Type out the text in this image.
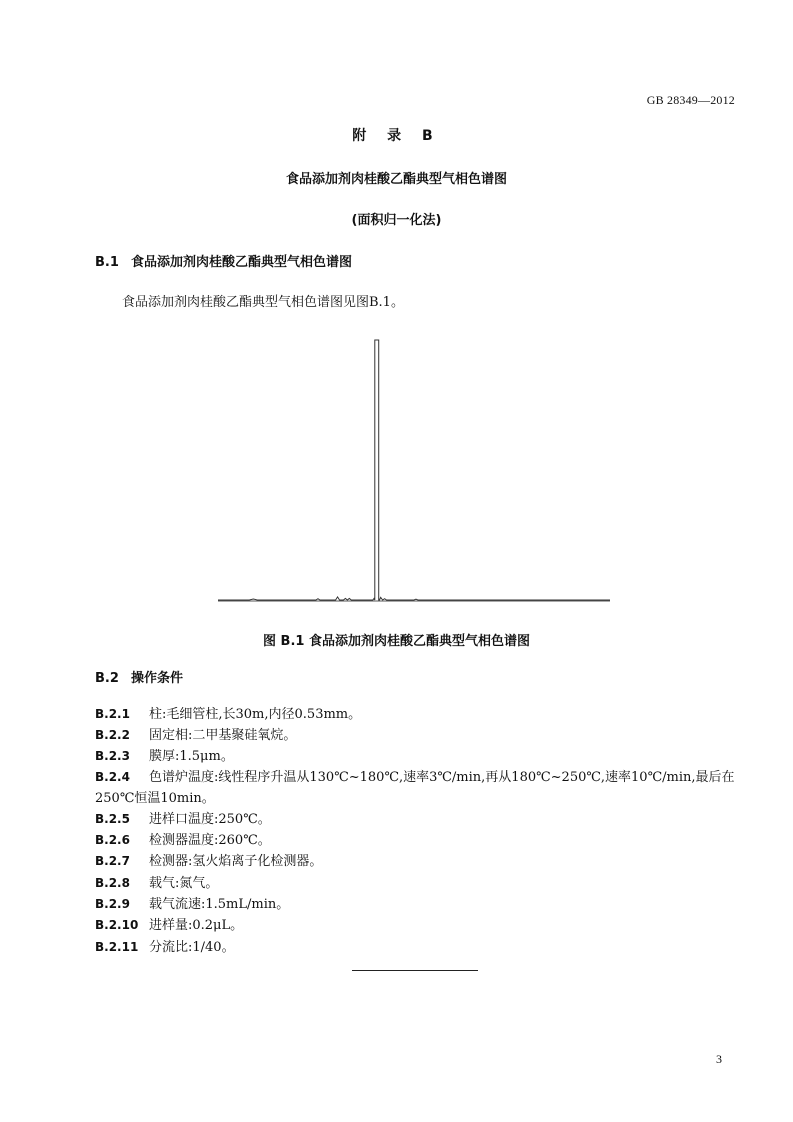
GB 28349—2012
附 录 B
食品添加剂肉桂酸乙酯典型气相色谱图
(面积归一化法)
B.1 食品添加剂肉桂酸乙酯典型气相色谱图
食品添加剂肉桂酸乙酯典型气相色谱图见图B.1。
图 B.1 食品添加剂肉桂酸乙酯典型气相色谱图
B.2 操作条件
B.2.1 柱:毛细管柱,长30m,内径0.53mm。
B.2.2 固定相:二甲基聚硅氧烷。
B.2.3 膜厚:1.5μm。
B.2.4 色谱炉温度:线性程序升温从130℃~180℃,速率3℃/min,再从180℃~250℃,速率10℃/min,最后在250℃恒温10min。
B.2.5 进样口温度:250℃。
B.2.6 检测器温度:260℃。
B.2.7 检测器:氢火焰离子化检测器。
B.2.8 载气:氮气。
B.2.9 载气流速:1.5mL/min。
B.2.10 进样量:0.2μL。
B.2.11 分流比:1/40。
3
